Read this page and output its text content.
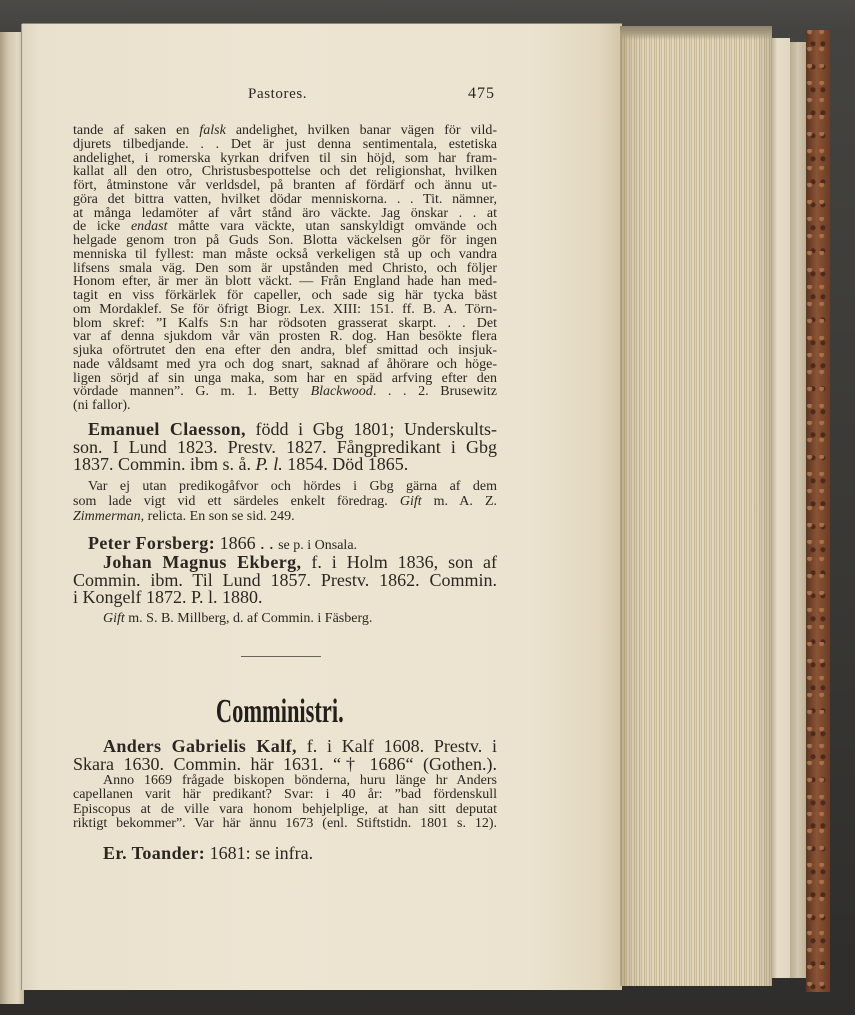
Pastores.	475
tande af saken en falsk andelighet, hvilken banar vägen för vild-
djurets tilbedjande. . . Det är just denna sentimentala, estetiska
andelighet, i romerska kyrkan drifven til sin höjd, som har fram-
kallat all den otro, Christusbespottelse och det religionshat, hvilken
fört, åtminstone vår verldsdel, på branten af fördärf och ännu ut-
göra det bittra vatten, hvilket dödar menniskorna. . . Tit. nämner,
at många ledamöter af vårt stånd äro väckte. Jag önskar . . at
de icke endast måtte vara väckte, utan sanskyldigt omvände och
helgade genom tron på Guds Son. Blotta väckelsen gör för ingen
menniska til fyllest: man måste också verkeligen stå up och vandra
lifsens smala väg. Den som är upstånden med Christo, och följer
Honom efter, är mer än blott väckt. — Från England hade han med-
tagit en viss förkärlek för capeller, och sade sig här tycka bäst
om Mordaklef. Se för öfrigt Biogr. Lex. XIII: 151. ff. B. A. Törn-
blom skref: ”I Kalfs S:n har rödsoten grasserat skarpt. . . Det
var af denna sjukdom vår vän prosten R. dog. Han besökte flera
sjuka oförtrutet den ena efter den andra, blef smittad och insjuk-
nade våldsamt med yra och dog snart, saknad af åhörare och höge-
ligen sörjd af sin unga maka, som har en späd arfving efter den
vördade mannen”. G. m. 1. Betty Blackwood. . . 2. Brusewitz
(ni fallor).
Emanuel Claesson, född i Gbg 1801; Underskults-
son. I Lund 1823. Prestv. 1827. Fångpredikant i Gbg
1837. Commin. ibm s. å. P. l. 1854. Död 1865.
Var ej utan predikogåfvor och hördes i Gbg gärna af dem
som lade vigt vid ett särdeles enkelt föredrag. Gift m. A. Z.
Zimmerman, relicta. En son se sid. 249.
Peter Forsberg: 1866 . . se p. i Onsala.
Johan Magnus Ekberg, f. i Holm 1836, son af
Commin. ibm. Til Lund 1857. Prestv. 1862. Commin.
i Kongelf 1872. P. l. 1880.
Gift m. S. B. Millberg, d. af Commin. i Fäsberg.
Comministri.
Anders Gabrielis Kalf, f. i Kalf 1608. Prestv. i
Skara 1630. Commin. här 1631. “† 1686“ (Gothen.).
Anno 1669 frågade biskopen bönderna, huru länge hr Anders
capellanen varit här predikant? Svar: i 40 år: ”bad fördenskull
Episcopus at de ville vara honom behjelplige, at han sitt deputat
riktigt bekommer”. Var här ännu 1673 (enl. Stiftstidn. 1801 s. 12).
Er. Toander: 1681: se infra.
